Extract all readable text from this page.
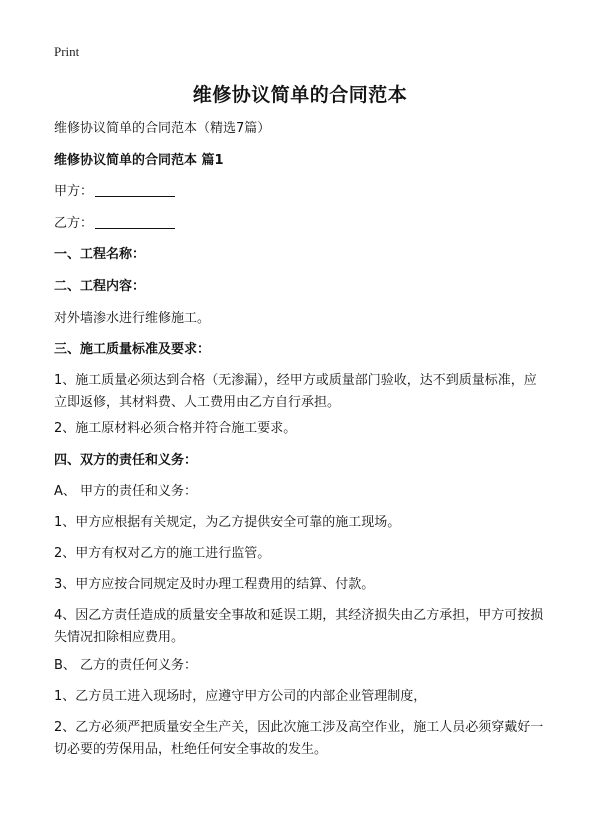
Print
维修协议简单的合同范本
维修协议简单的合同范本（精选7篇）
维修协议简单的合同范本 篇1
甲方：
乙方：
一、工程名称：
二、工程内容：
对外墙渗水进行维修施工。
三、施工质量标准及要求：
1、施工质量必须达到合格（无渗漏），经甲方或质量部门验收，达不到质量标准，应立即返修，其材料费、人工费用由乙方自行承担。
2、施工原材料必须合格并符合施工要求。
四、双方的责任和义务：
A、 甲方的责任和义务：
1、甲方应根据有关规定，为乙方提供安全可靠的施工现场。
2、甲方有权对乙方的施工进行监管。
3、甲方应按合同规定及时办理工程费用的结算、付款。
4、因乙方责任造成的质量安全事故和延误工期，其经济损失由乙方承担，甲方可按损失情况扣除相应费用。
B、 乙方的责任何义务：
1、乙方员工进入现场时，应遵守甲方公司的内部企业管理制度，
2、乙方必须严把质量安全生产关，因此次施工涉及高空作业，施工人员必须穿戴好一切必要的劳保用品，杜绝任何安全事故的发生。
